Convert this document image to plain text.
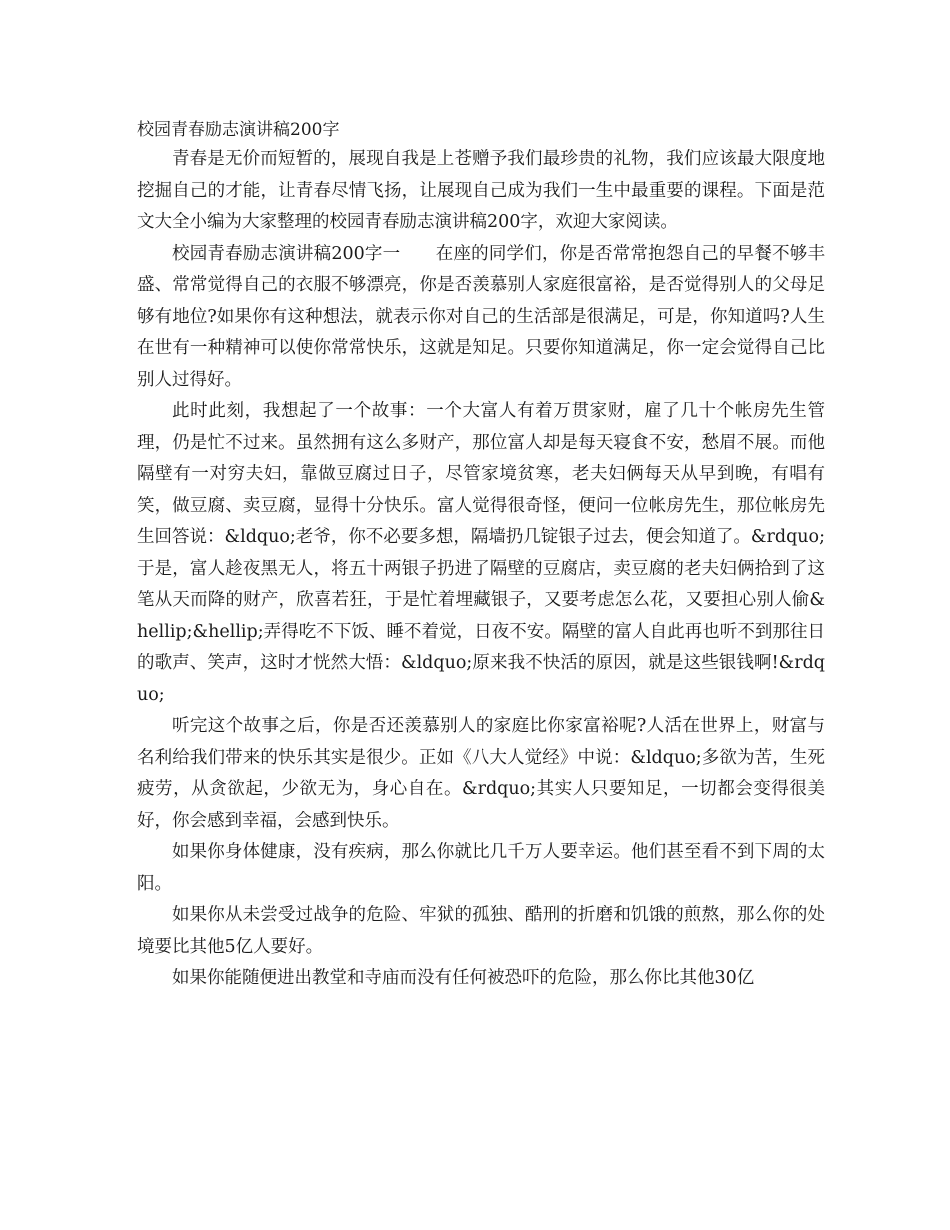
校园青春励志演讲稿200字

青春是无价而短暂的，展现自我是上苍赠予我们最珍贵的礼物，我们应该最大限度地挖掘自己的才能，让青春尽情飞扬，让展现自己成为我们一生中最重要的课程。下面是范文大全小编为大家整理的校园青春励志演讲稿200字，欢迎大家阅读。

校园青春励志演讲稿200字一　　在座的同学们，你是否常常抱怨自己的早餐不够丰盛、常常觉得自己的衣服不够漂亮，你是否羡慕别人家庭很富裕，是否觉得别人的父母足够有地位?如果你有这种想法，就表示你对自己的生活部是很满足，可是，你知道吗?人生在世有一种精神可以使你常常快乐，这就是知足。只要你知道满足，你一定会觉得自己比别人过得好。

此时此刻，我想起了一个故事：一个大富人有着万贯家财，雇了几十个帐房先生管理，仍是忙不过来。虽然拥有这么多财产，那位富人却是每天寝食不安，愁眉不展。而他隔壁有一对穷夫妇，靠做豆腐过日子，尽管家境贫寒，老夫妇俩每天从早到晚，有唱有笑，做豆腐、卖豆腐，显得十分快乐。富人觉得很奇怪，便问一位帐房先生，那位帐房先生回答说：&ldquo;老爷，你不必要多想，隔墙扔几锭银子过去，便会知道了。&rdquo;于是，富人趁夜黑无人，将五十两银子扔进了隔壁的豆腐店，卖豆腐的老夫妇俩拾到了这笔从天而降的财产，欣喜若狂，于是忙着埋藏银子，又要考虑怎么花，又要担心别人偷&hellip;&hellip;弄得吃不下饭、睡不着觉，日夜不安。隔壁的富人自此再也听不到那往日的歌声、笑声，这时才恍然大悟：&ldquo;原来我不快活的原因，就是这些银钱啊!&rdquo;

听完这个故事之后，你是否还羡慕别人的家庭比你家富裕呢?人活在世界上，财富与名利给我们带来的快乐其实是很少。正如《八大人觉经》中说：&ldquo;多欲为苦，生死疲劳，从贪欲起，少欲无为，身心自在。&rdquo;其实人只要知足，一切都会变得很美好，你会感到幸福，会感到快乐。

如果你身体健康，没有疾病，那么你就比几千万人要幸运。他们甚至看不到下周的太阳。

如果你从未尝受过战争的危险、牢狱的孤独、酷刑的折磨和饥饿的煎熬，那么你的处境要比其他5亿人要好。

如果你能随便进出教堂和寺庙而没有任何被恐吓的危险，那么你比其他30亿
